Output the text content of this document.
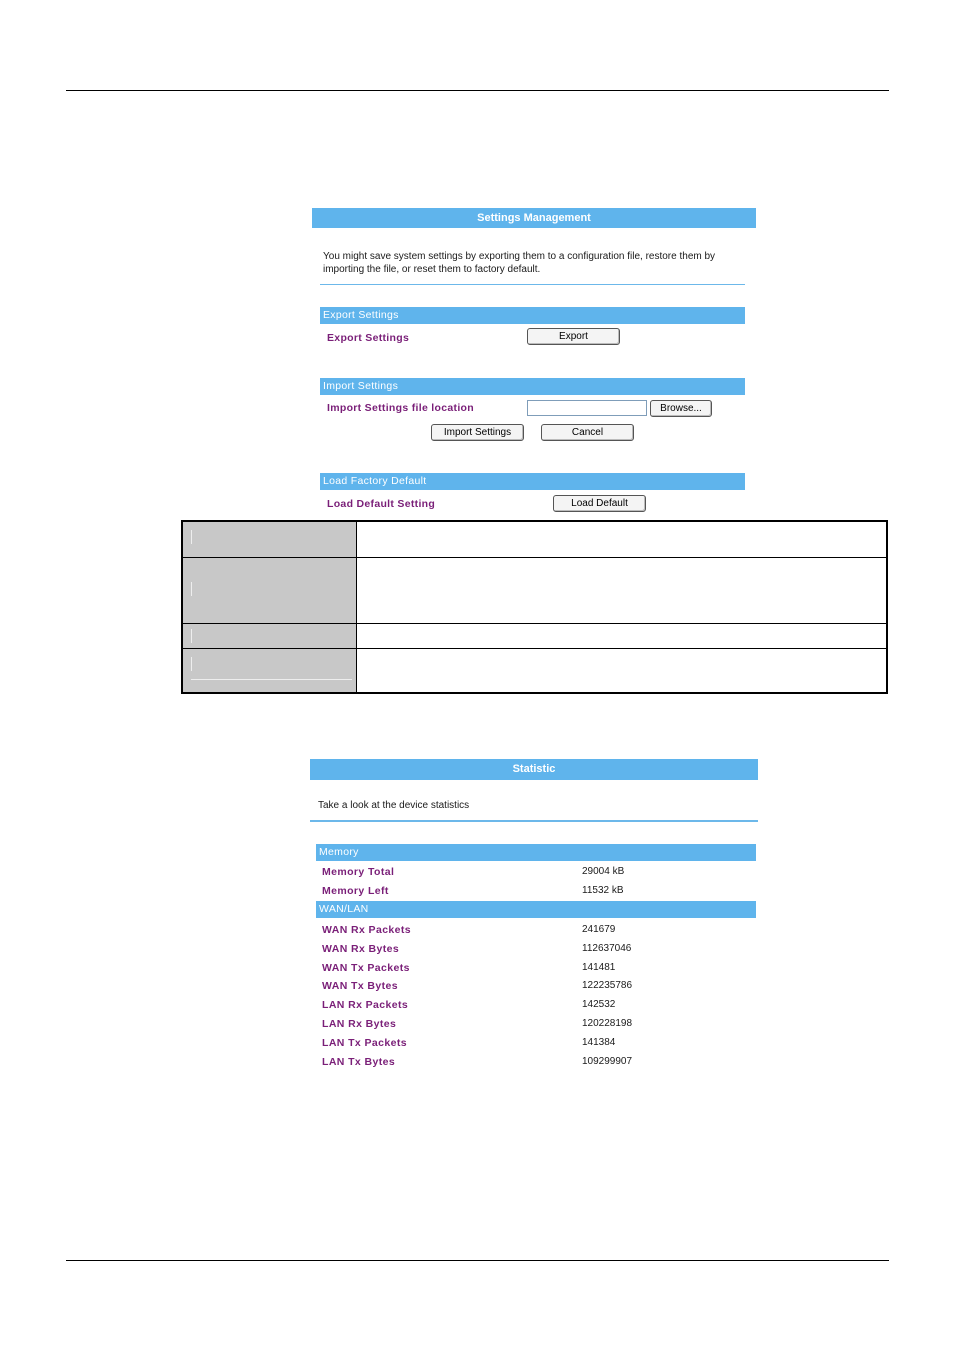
Settings Management
You might save system settings by exporting them to a configuration file, restore them by importing the file, or reset them to factory default.
Export Settings
Export Settings	Export
Import Settings
Import Settings file location	Browse...
Import Settings	Cancel
Load Factory Default
Load Default Setting	Load Default

Statistic
Take a look at the device statistics
Memory
Memory Total	29004 kB
Memory Left	11532 kB
WAN/LAN
WAN Rx Packets	241679
WAN Rx Bytes	112637046
WAN Tx Packets	141481
WAN Tx Bytes	122235786
LAN Rx Packets	142532
LAN Rx Bytes	120228198
LAN Tx Packets	141384
LAN Tx Bytes	109299907
